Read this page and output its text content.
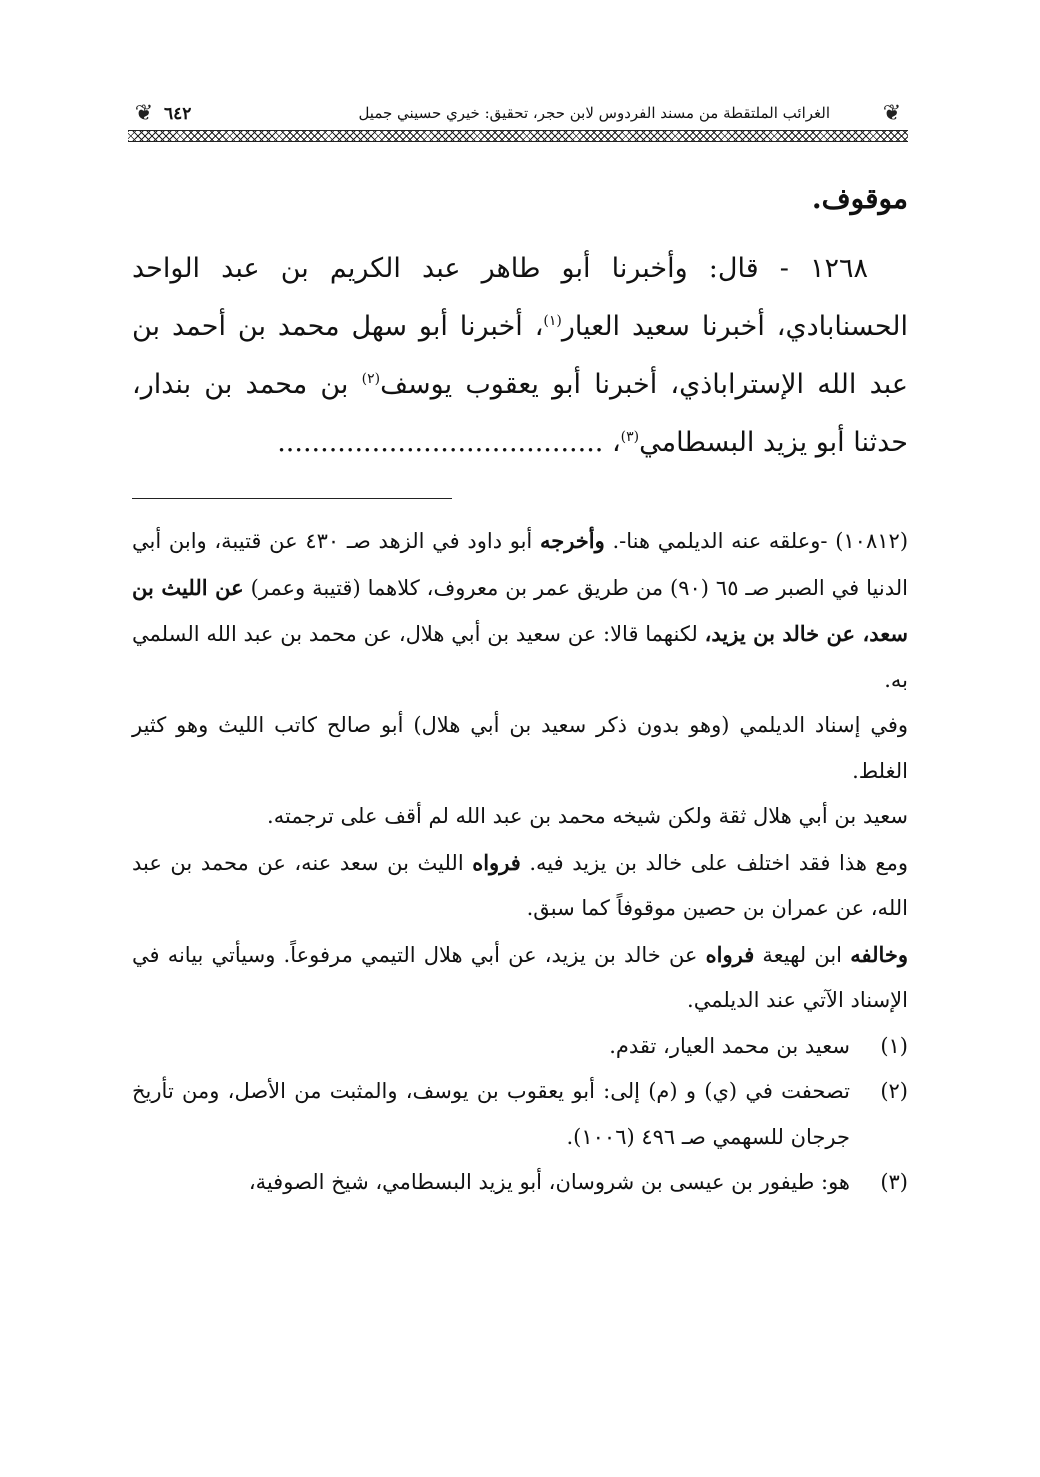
❦
الغرائب الملتقطة من مسند الفردوس لابن حجر، تحقيق: خيري حسيني جميل
٦٤٢
❦

موقوف.

١٢٦٨ - قال: وأخبرنا أبو طاهر عبد الكريم بن عبد الواحد الحسنابادي، أخبرنا سعيد العيار$^{(١)}$، أخبرنا أبو سهل محمد بن أحمد بن عبد الله الإستراباذي، أخبرنا أبو يعقوب يوسف$^{(٢)}$ بن محمد بن بندار، حدثنا أبو يزيد البسطامي$^{(٣)}$، ......................................

(١٠٨١٢) -وعلقه عنه الديلمي هنا-. وأخرجه أبو داود في الزهد صـ ٤٣٠ عن قتيبة، وابن أبي الدنيا في الصبر صـ ٦٥ (٩٠) من طريق عمر بن معروف، كلاهما (قتيبة وعمر) عن الليث بن سعد، عن خالد بن يزيد، لكنهما قالا: عن سعيد بن أبي هلال، عن محمد بن عبد الله السلمي به.

وفي إسناد الديلمي (وهو بدون ذكر سعيد بن أبي هلال) أبو صالح كاتب الليث وهو كثير الغلط.

سعيد بن أبي هلال ثقة ولكن شيخه محمد بن عبد الله لم أقف على ترجمته.

ومع هذا فقد اختلف على خالد بن يزيد فيه. فرواه الليث بن سعد عنه، عن محمد بن عبد الله، عن عمران بن حصين موقوفاً كما سبق.

وخالفه ابن لهيعة فرواه عن خالد بن يزيد، عن أبي هلال التيمي مرفوعاً. وسيأتي بيانه في الإسناد الآتي عند الديلمي.

(١)
سعيد بن محمد العيار، تقدم.

(٢)
تصحفت في (ي) و (م) إلى: أبو يعقوب بن يوسف، والمثبت من الأصل، ومن تأريخ جرجان للسهمي صـ ٤٩٦ (١٠٠٦).

(٣)
هو: طيفور بن عيسى بن شروسان، أبو يزيد البسطامي، شيخ الصوفية،
